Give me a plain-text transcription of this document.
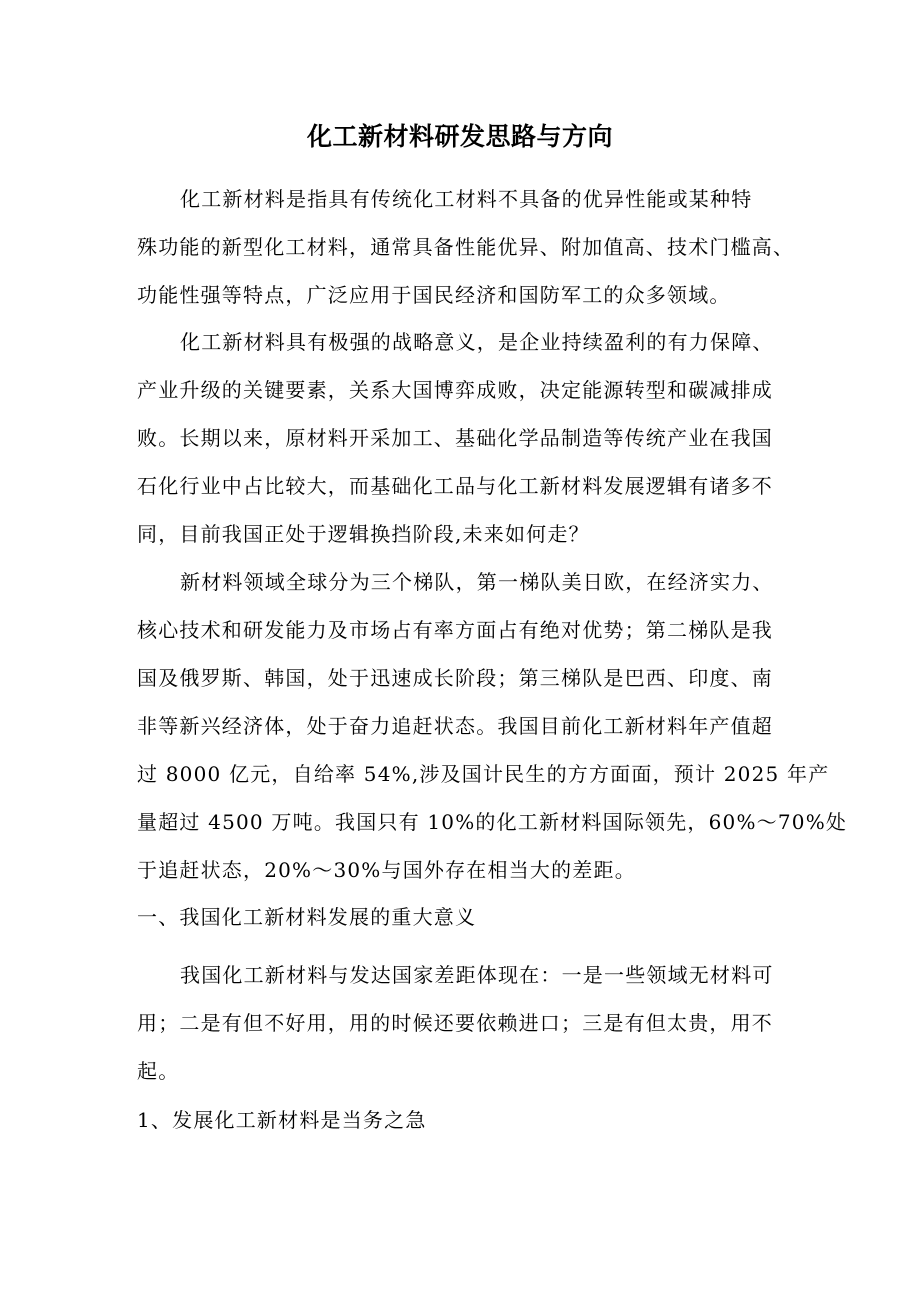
化工新材料研发思路与方向
化工新材料是指具有传统化工材料不具备的优异性能或某种特
殊功能的新型化工材料，通常具备性能优异、附加值高、技术门槛高、
功能性强等特点，广泛应用于国民经济和国防军工的众多领域。
化工新材料具有极强的战略意义，是企业持续盈利的有力保障、
产业升级的关键要素，关系大国博弈成败，决定能源转型和碳减排成
败。长期以来，原材料开采加工、基础化学品制造等传统产业在我国
石化行业中占比较大，而基础化工品与化工新材料发展逻辑有诸多不
同，目前我国正处于逻辑换挡阶段,未来如何走？
新材料领域全球分为三个梯队，第一梯队美日欧，在经济实力、
核心技术和研发能力及市场占有率方面占有绝对优势；第二梯队是我
国及俄罗斯、韩国，处于迅速成长阶段；第三梯队是巴西、印度、南
非等新兴经济体，处于奋力追赶状态。我国目前化工新材料年产值超
过 8000 亿元，自给率 54%,涉及国计民生的方方面面，预计 2025 年产
量超过 4500 万吨。我国只有 10%的化工新材料国际领先，60%～70%处
于追赶状态，20%～30%与国外存在相当大的差距。
一、我国化工新材料发展的重大意义
我国化工新材料与发达国家差距体现在：一是一些领域无材料可
用；二是有但不好用，用的时候还要依赖进口；三是有但太贵，用不
起。
1、发展化工新材料是当务之急
